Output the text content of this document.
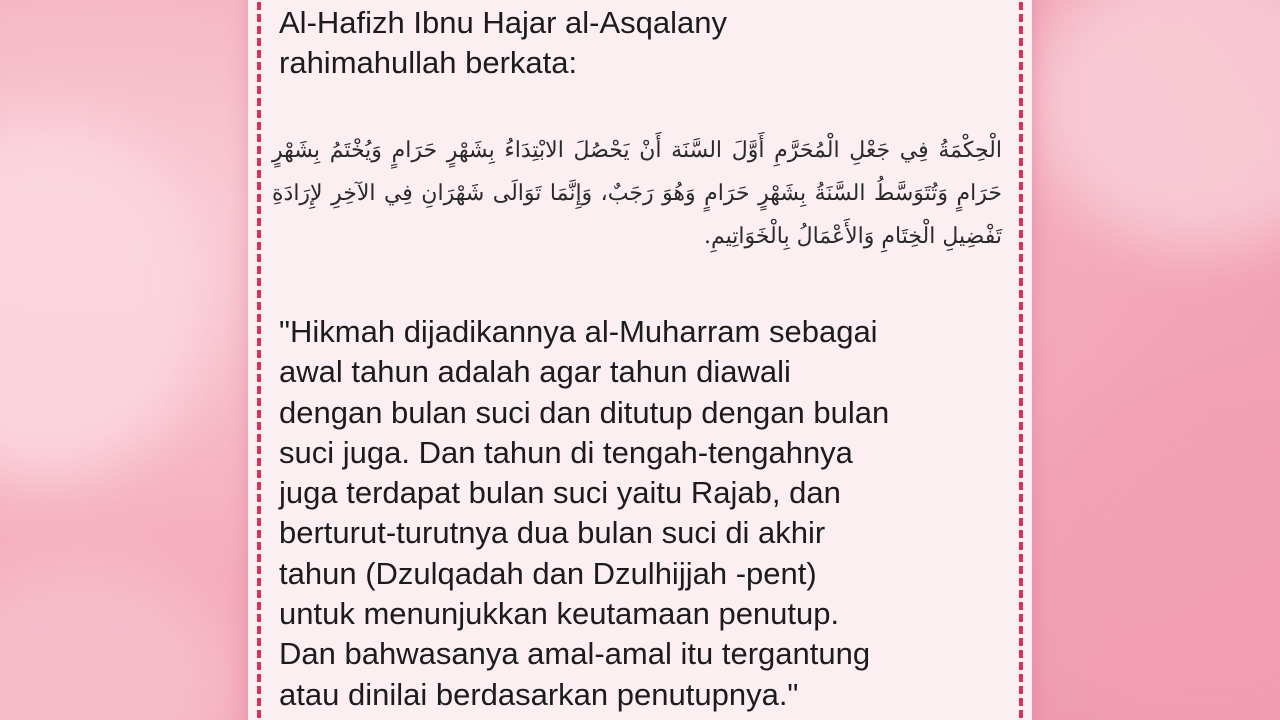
Al-Hafizh Ibnu Hajar al-Asqalany
rahimahullah berkata:

الْحِكْمَةُ فِي جَعْلِ الْمُحَرَّمِ أَوَّلَ السَّنَة أَنْ يَحْصُلَ الابْتِدَاءُ بِشَهْرٍ حَرَامٍ وَيُخْتَمُ بِشَهْرٍ حَرَامٍ وَتُتَوَسَّطُ السَّنَةُ بِشَهْرٍ حَرَامٍ وَهُوَ رَجَبٌ، وَإِنَّمَا تَوَالَى شَهْرَانِ فِي الآخِرِ لإِرَادَةِ تَفْضِيلِ الْخِتَامِ وَالأَعْمَالُ بِالْخَوَاتِيمِ.

"Hikmah dijadikannya al-Muharram sebagai
awal tahun adalah agar tahun diawali
dengan bulan suci dan ditutup dengan bulan
suci juga. Dan tahun di tengah-tengahnya
juga terdapat bulan suci yaitu Rajab, dan
berturut-turutnya dua bulan suci di akhir
tahun (Dzulqadah dan Dzulhijjah -pent)
untuk menunjukkan keutamaan penutup.
Dan bahwasanya amal-amal itu tergantung
atau dinilai berdasarkan penutupnya."
